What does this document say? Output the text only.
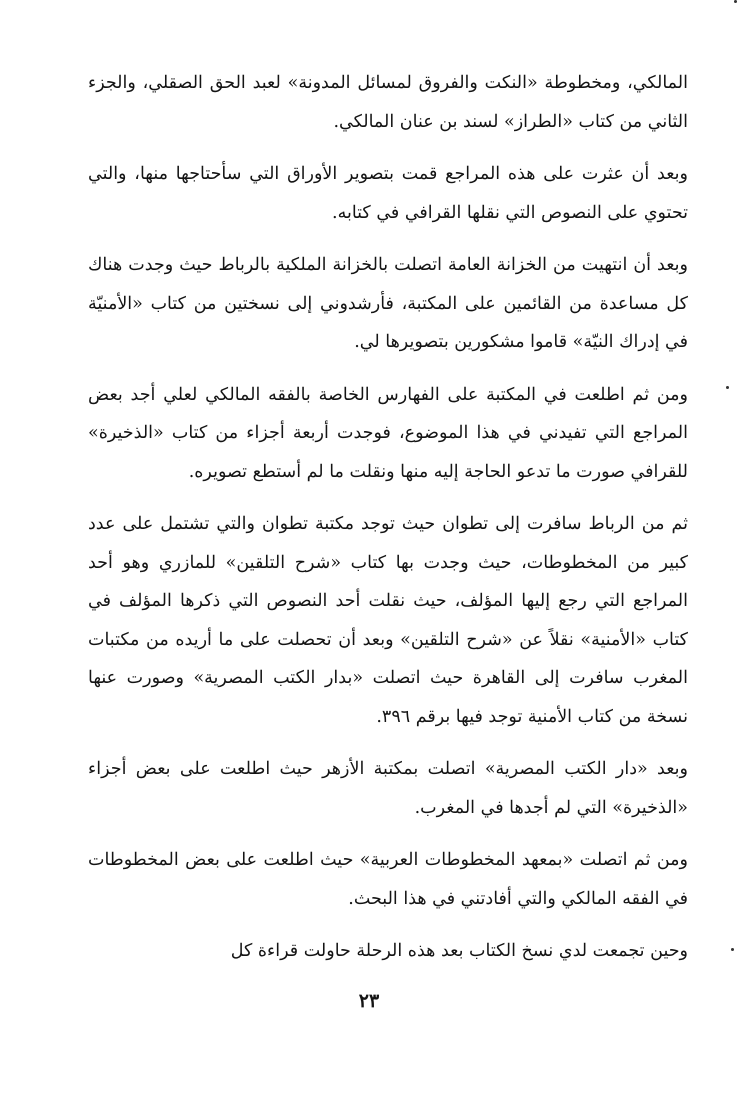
المالكي، ومخطوطة «النكت والفروق لمسائل المدونة» لعبد الحق الصقلي، والجزء الثاني من كتاب «الطراز» لسند بن عنان المالكي.

وبعد أن عثرت على هذه المراجع قمت بتصوير الأوراق التي سأحتاجها منها، والتي تحتوي على النصوص التي نقلها القرافي في كتابه.

وبعد أن انتهيت من الخزانة العامة اتصلت بالخزانة الملكية بالرباط حيث وجدت هناك كل مساعدة من القائمين على المكتبة، فأرشدوني إلى نسختين من كتاب «الأمنيّة في إدراك النيّة» قاموا مشكورين بتصويرها لي.

ومن ثم اطلعت في المكتبة على الفهارس الخاصة بالفقه المالكي لعلي أجد بعض المراجع التي تفيدني في هذا الموضوع، فوجدت أربعة أجزاء من كتاب «الذخيرة» للقرافي صورت ما تدعو الحاجة إليه منها ونقلت ما لم أستطع تصويره.

ثم من الرباط سافرت إلى تطوان حيث توجد مكتبة تطوان والتي تشتمل على عدد كبير من المخطوطات، حيث وجدت بها كتاب «شرح التلقين» للمازري وهو أحد المراجع التي رجع إليها المؤلف، حيث نقلت أحد النصوص التي ذكرها المؤلف في كتاب «الأمنية» نقلاً عن «شرح التلقين» وبعد أن تحصلت على ما أريده من مكتبات المغرب سافرت إلى القاهرة حيث اتصلت «بدار الكتب المصرية» وصورت عنها نسخة من كتاب الأمنية توجد فيها برقم ٣٩٦.

وبعد «دار الكتب المصرية» اتصلت بمكتبة الأزهر حيث اطلعت على بعض أجزاء «الذخيرة» التي لم أجدها في المغرب.

ومن ثم اتصلت «بمعهد المخطوطات العربية» حيث اطلعت على بعض المخطوطات في الفقه المالكي والتي أفادتني في هذا البحث.

وحين تجمعت لدي نسخ الكتاب بعد هذه الرحلة حاولت قراءة كل

٢٣
